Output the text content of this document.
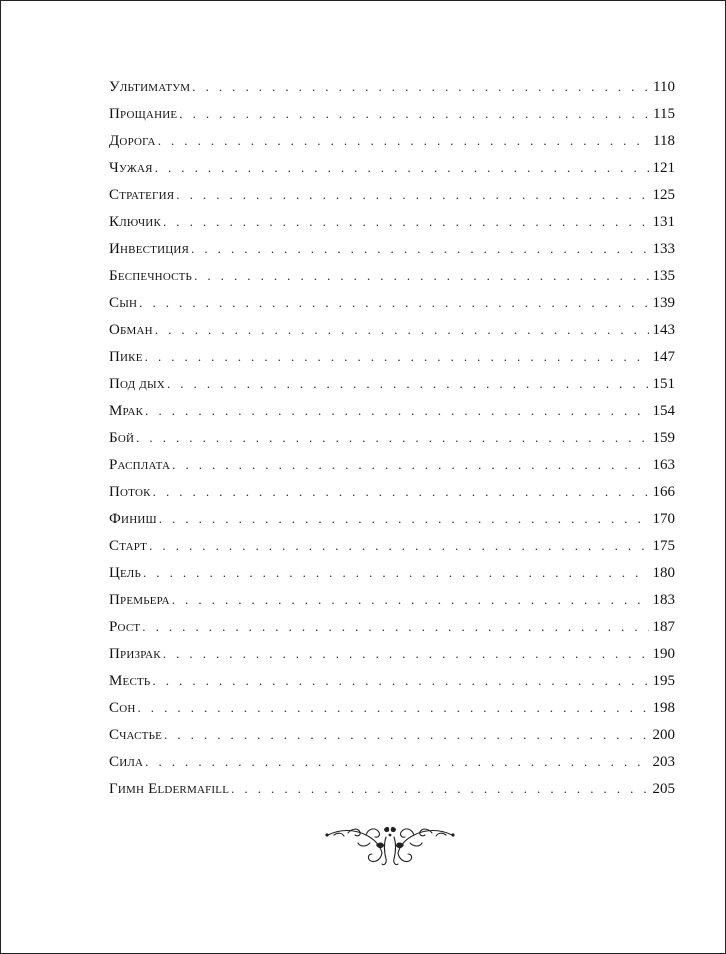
Ультиматум . . .	110
Прощание . . .	115
Дорога . . .	118
Чужая . . .	121
Стратегия . . .	125
Ключик . . .	131
Инвестиция . . .	133
Беспечность . . .	135
Сын . . .	139
Обман . . .	143
Пике . . .	147
Под дых . . .	151
Мрак . . .	154
Бой . . .	159
Расплата . . .	163
Поток . . .	166
Финиш . . .	170
Старт . . .	175
Цель . . .	180
Премьера . . .	183
Рост . . .	187
Призрак . . .	190
Месть . . .	195
Сон . . .	198
Счастье . . .	200
Сила . . .	203
Гимн Eldermafill . . .	205
